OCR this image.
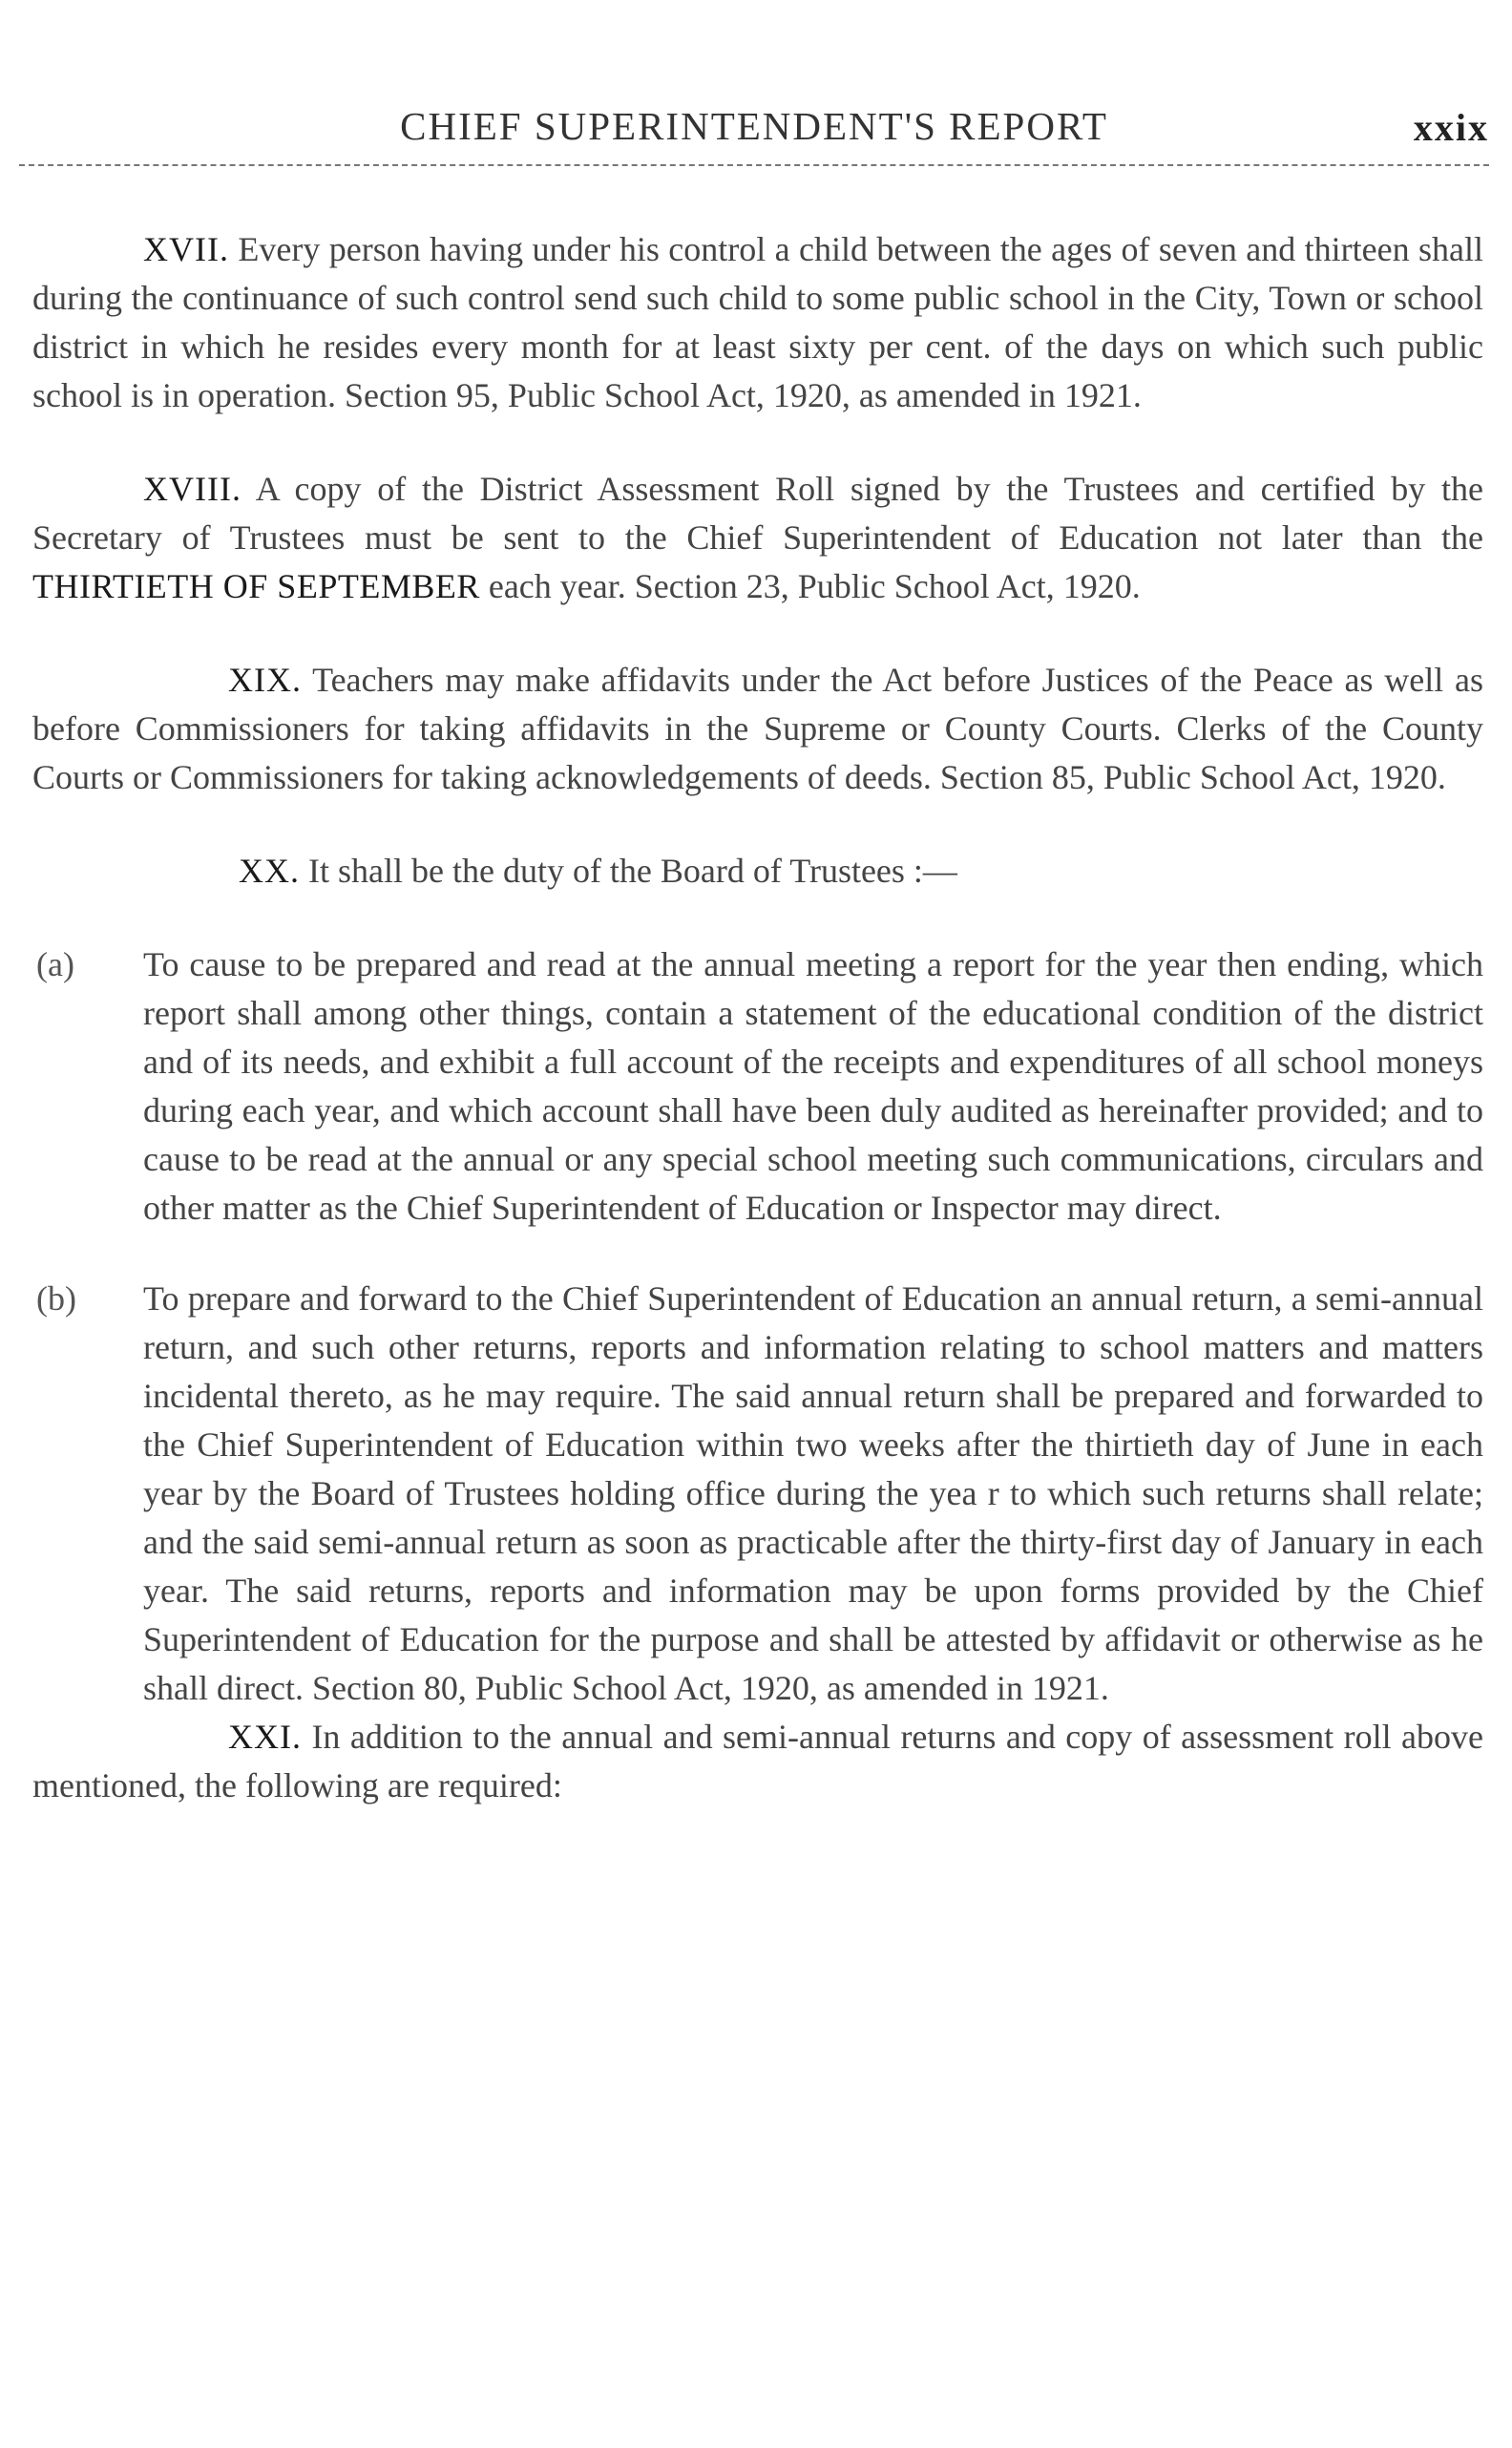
CHIEF SUPERINTENDENT'S REPORT	xxix

XVII. Every person having under his control a child between the ages of seven and thirteen shall during the continuance of such control send such child to some public school in the City, Town or school district in which he resides every month for at least sixty per cent. of the days on which such public school is in operation. Section 95, Public School Act, 1920, as amended in 1921.

XVIII. A copy of the District Assessment Roll signed by the Trustees and certified by the Secretary of Trustees must be sent to the Chief Superintendent of Education not later than the THIRTIETH OF SEPTEMBER each year. Section 23, Public School Act, 1920.

XIX. Teachers may make affidavits under the Act before Justices of the Peace as well as before Commissioners for taking affidavits in the Supreme or County Courts. Clerks of the County Courts or Commissioners for taking acknowledgements of deeds. Section 85, Public School Act, 1920.

XX. It shall be the duty of the Board of Trustees :—

(a) To cause to be prepared and read at the annual meeting a report for the year then ending, which report shall among other things, contain a statement of the educational condition of the district and of its needs, and exhibit a full account of the receipts and expenditures of all school moneys during each year, and which account shall have been duly audited as hereinafter provided; and to cause to be read at the annual or any special school meeting such communications, circulars and other matter as the Chief Superintendent of Education or Inspector may direct.
(b) To prepare and forward to the Chief Superintendent of Education an annual return, a semi-annual return, and such other returns, reports and information relating to school matters and matters incidental thereto, as he may require. The said annual return shall be prepared and forwarded to the Chief Superintendent of Education within two weeks after the thirtieth day of June in each year by the Board of Trustees holding office during the yea r to which such returns shall relate; and the said semi-annual return as soon as practicable after the thirty-first day of January in each year. The said returns, reports and information may be upon forms provided by the Chief Superintendent of Education for the purpose and shall be attested by affidavit or otherwise as he shall direct. Section 80, Public School Act, 1920, as amended in 1921.

XXI. In addition to the annual and semi-annual returns and copy of assessment roll above mentioned, the following are required:
